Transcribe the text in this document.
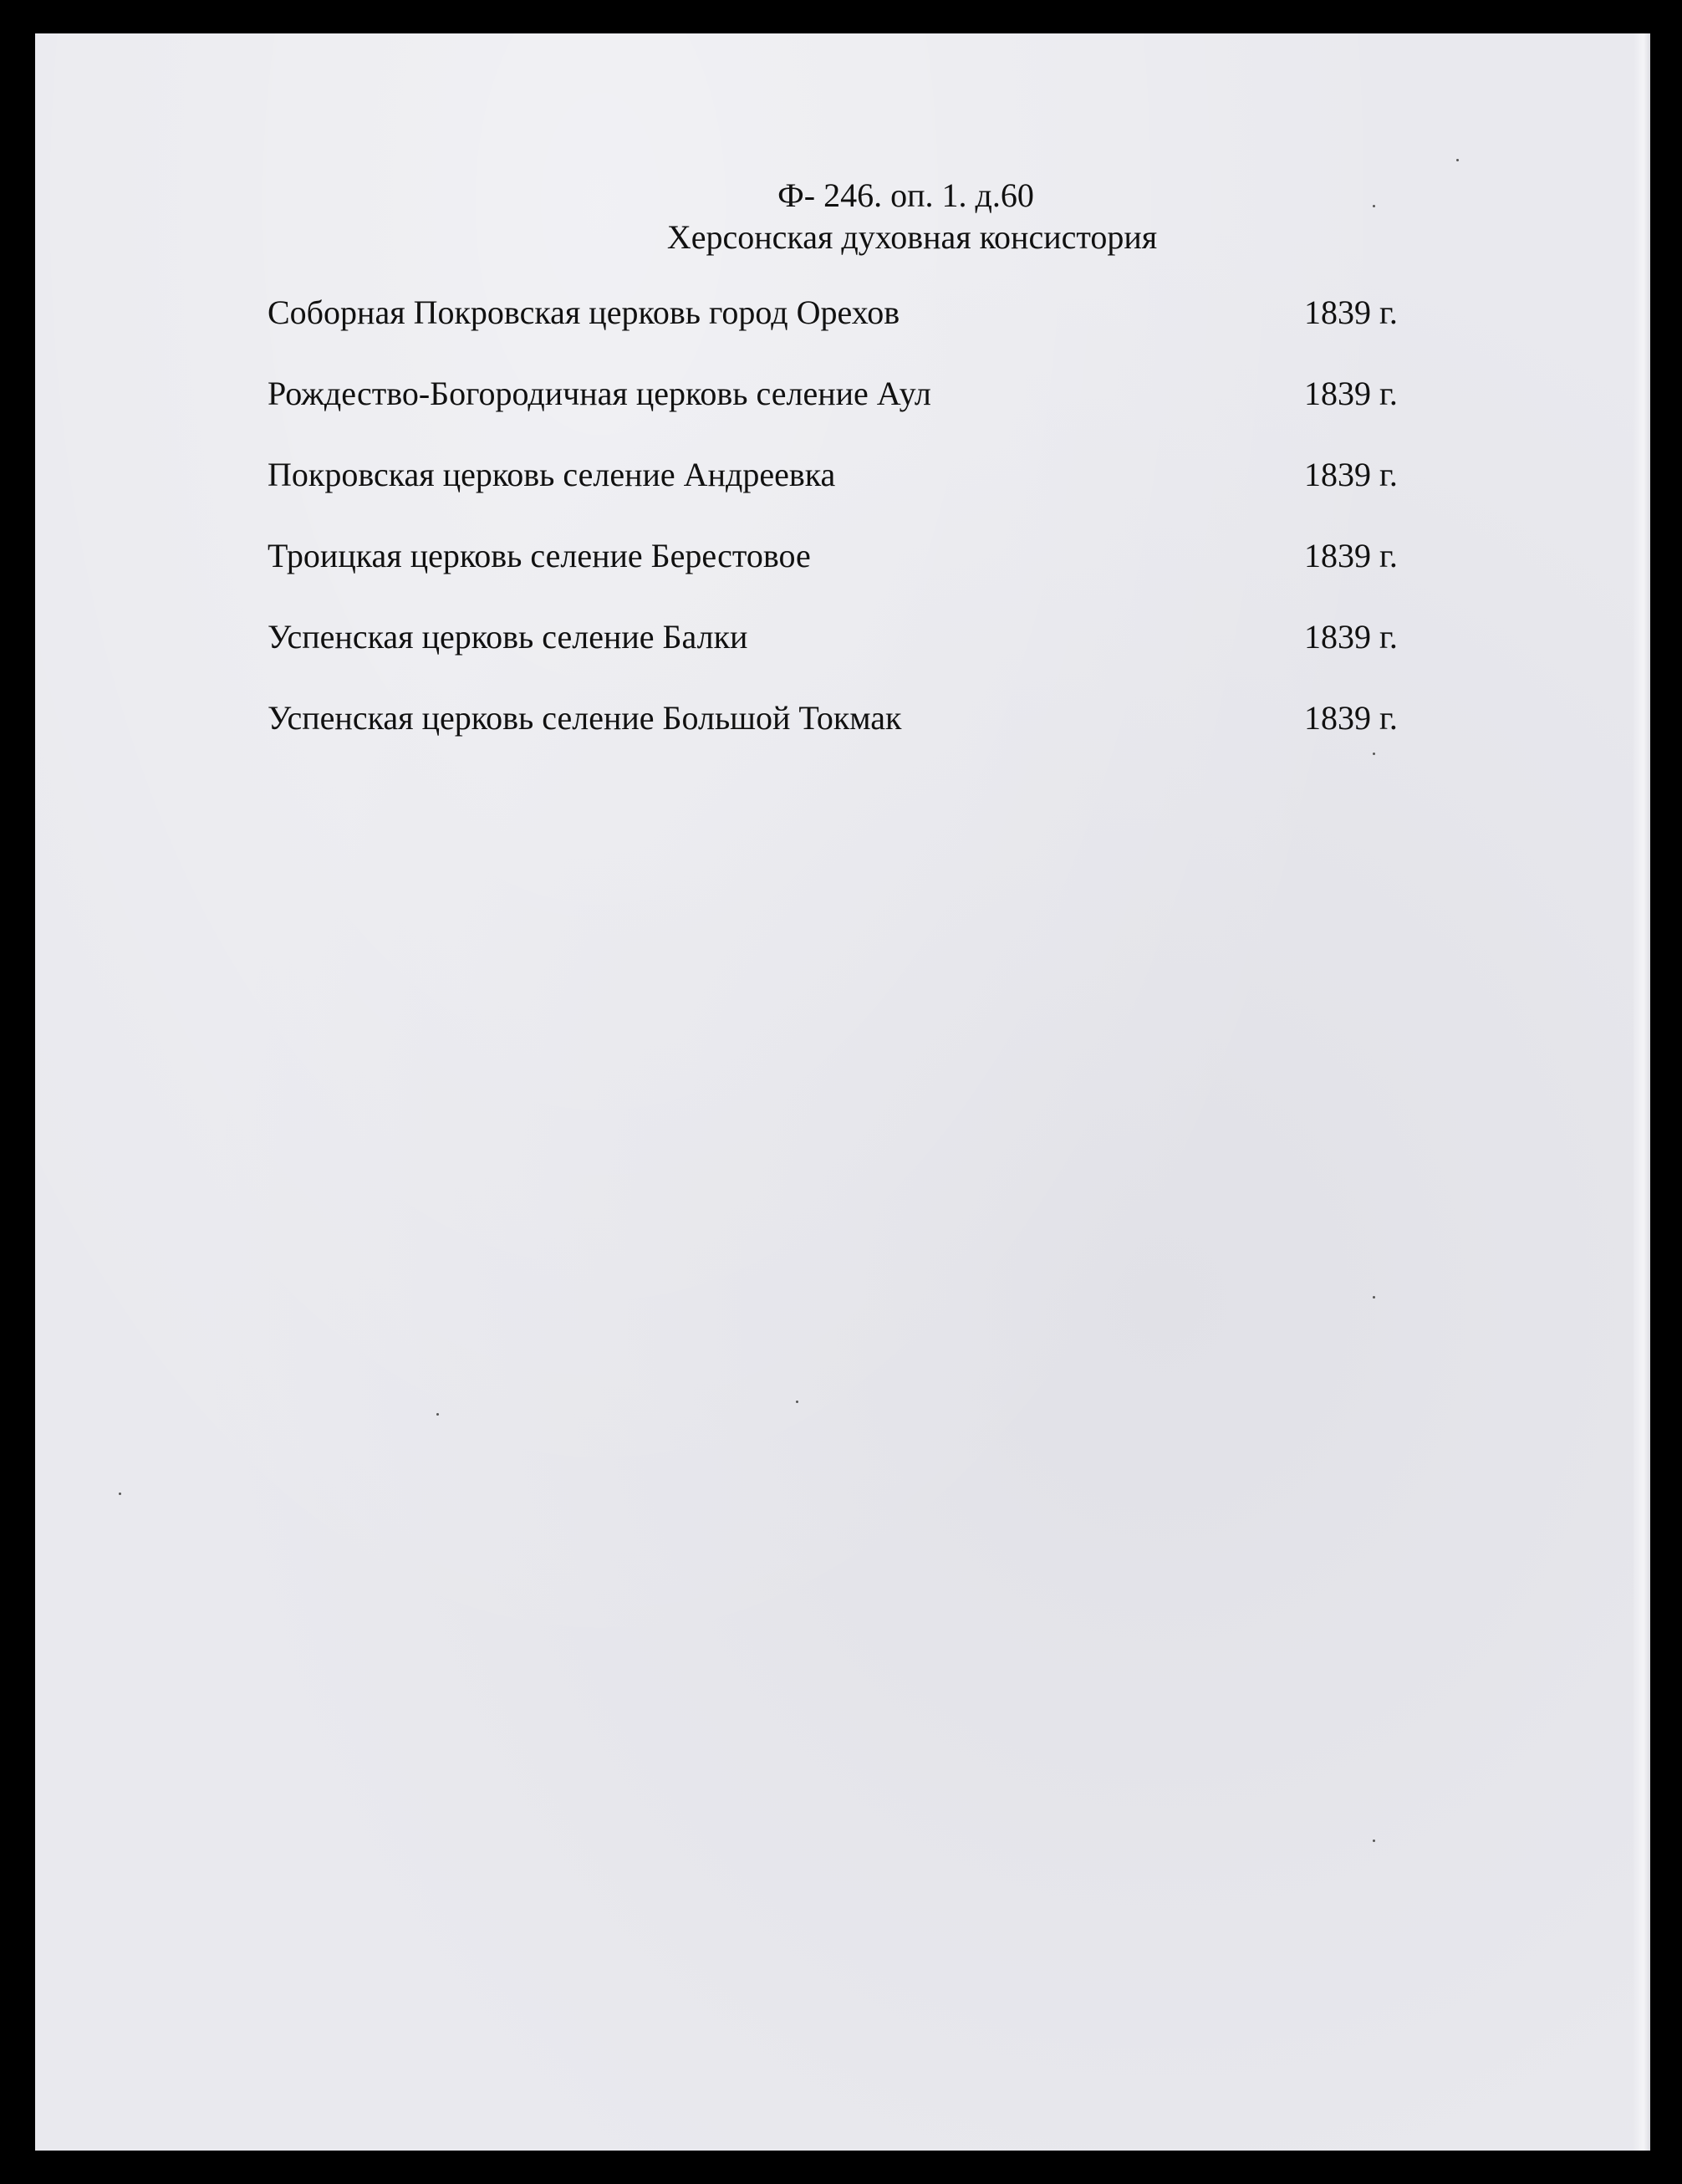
Ф- 246. оп. 1. д.60
Херсонская духовная консистория
Соборная Покровская церковь город Орехов	1839 г.
Рождество-Богородичная церковь селение Аул	1839 г.
Покровская церковь селение Андреевка	1839 г.
Троицкая церковь селение Берестовое	1839 г.
Успенская церковь селение Балки	1839 г.
Успенская церковь селение Большой Токмак	1839 г.
